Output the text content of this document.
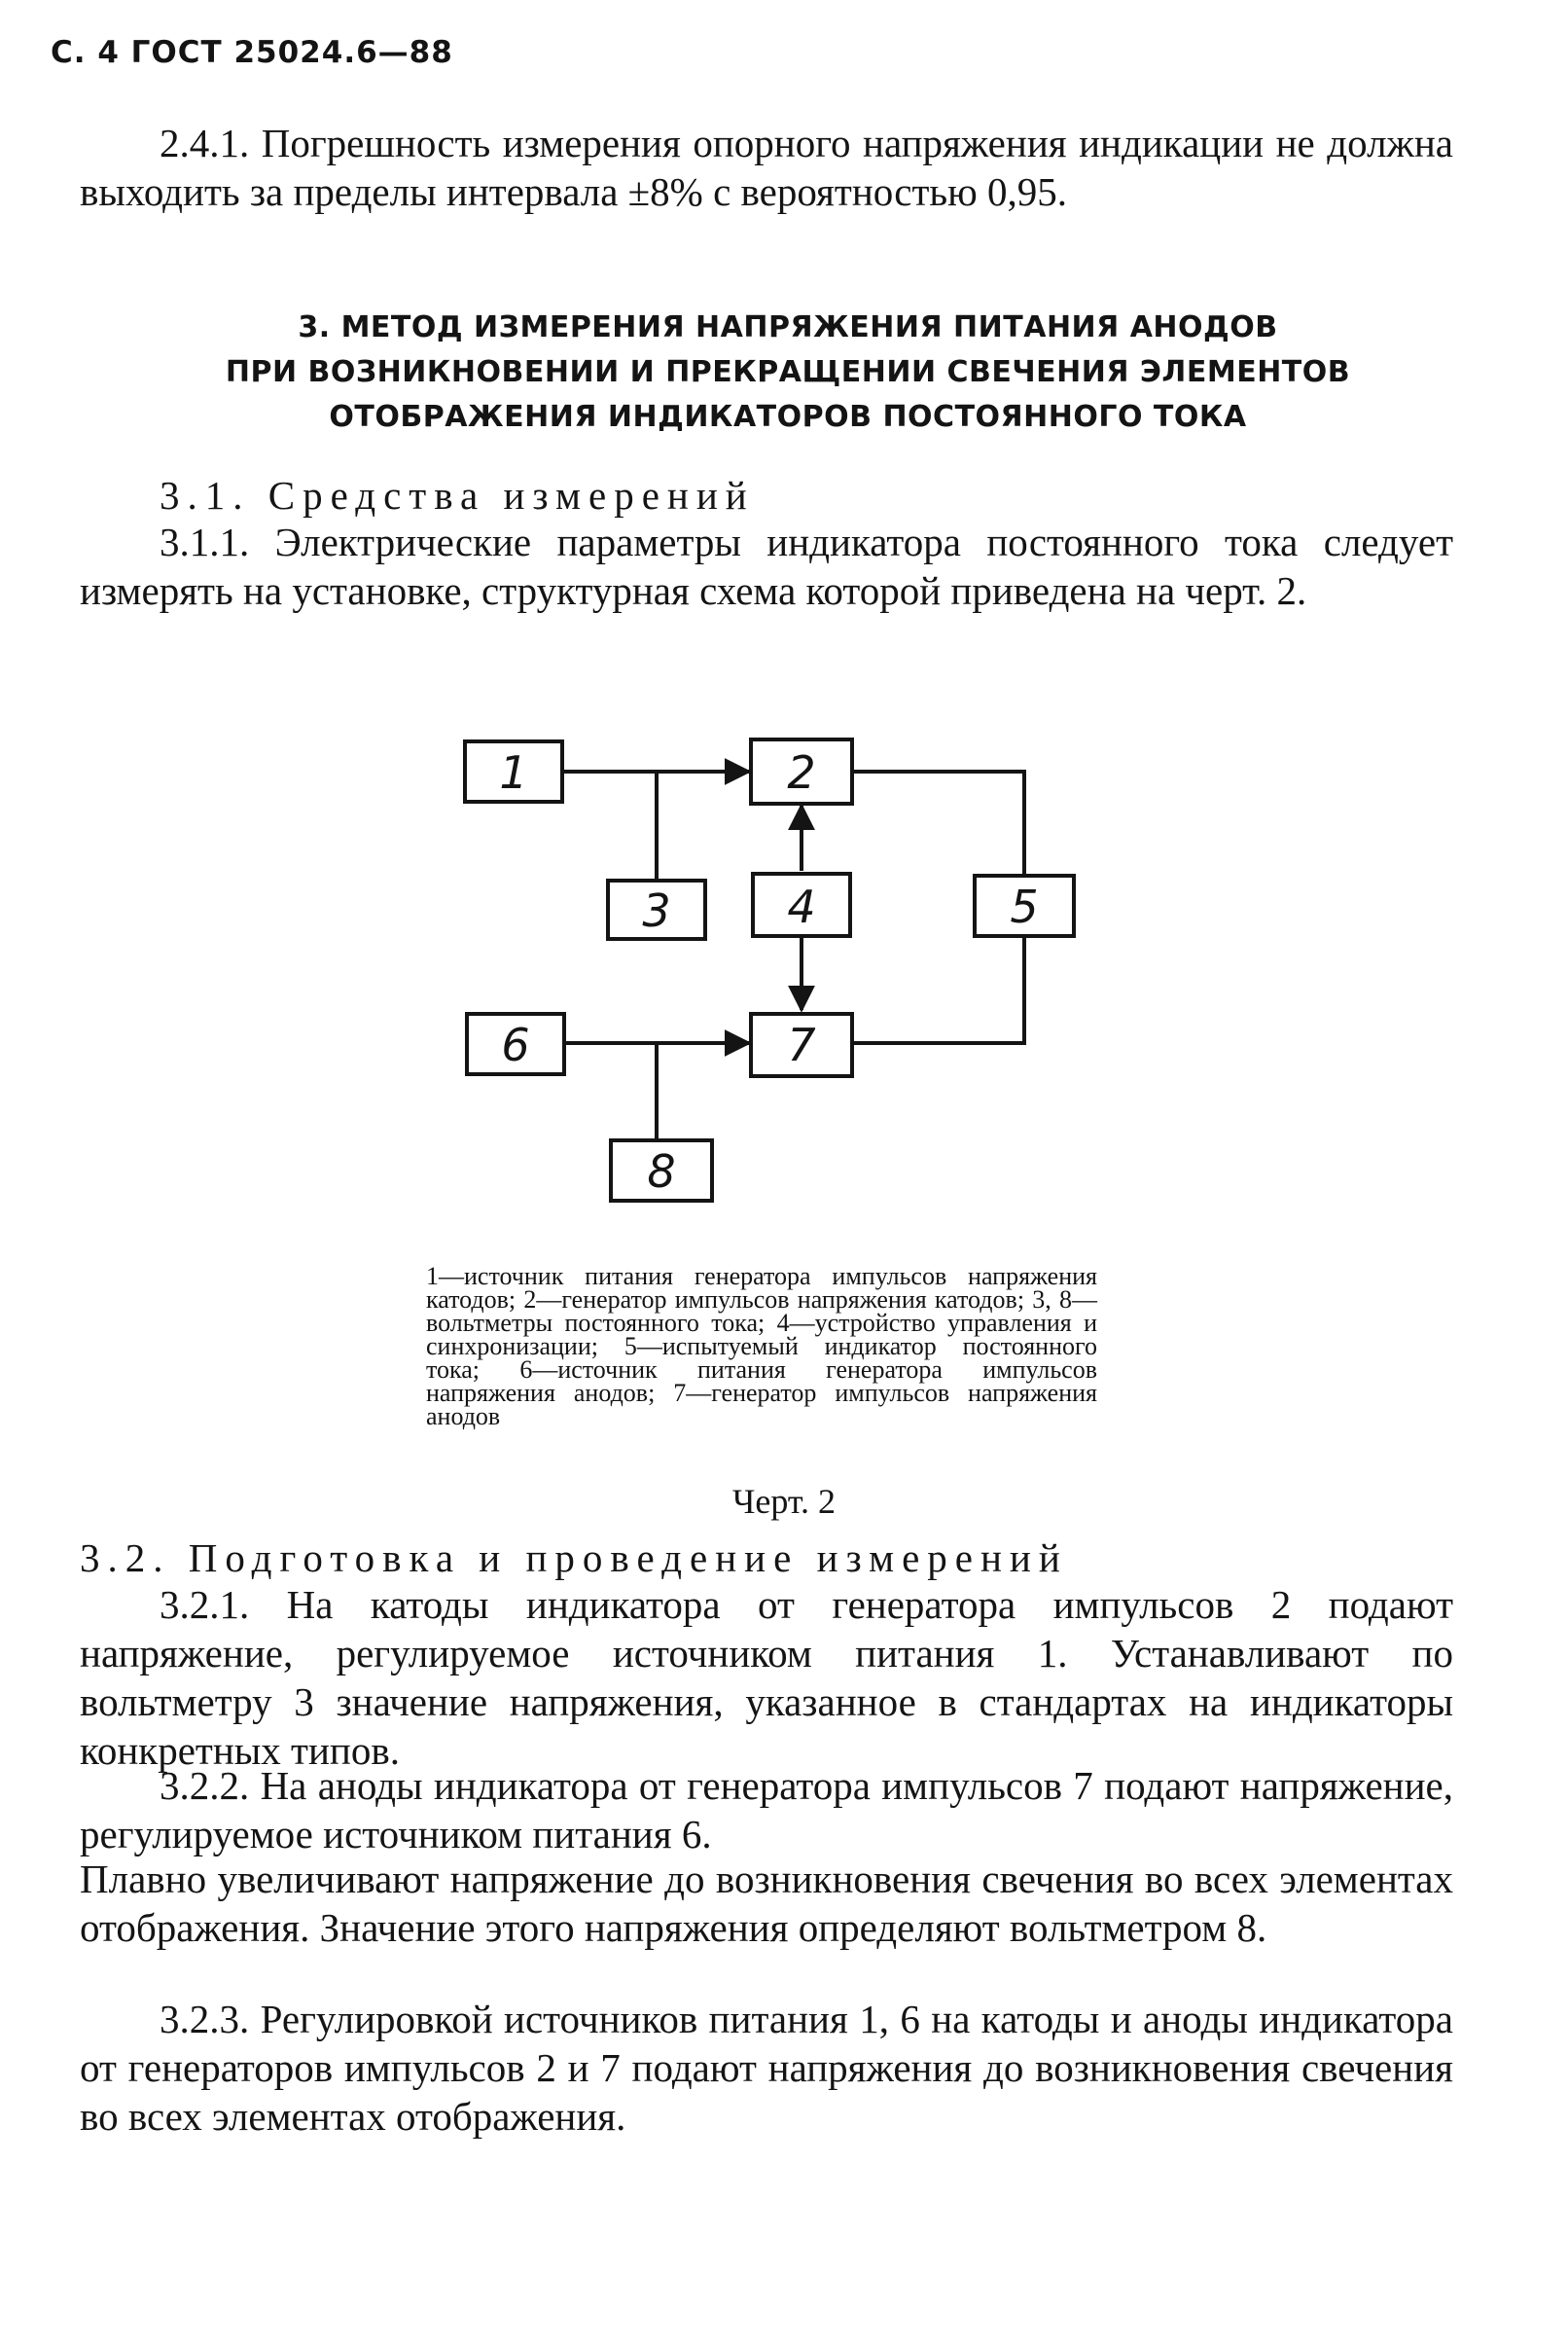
С. 4 ГОСТ 25024.6—88
2.4.1. Погрешность измерения опорного напряжения индикации не должна выходить за пределы интервала ±8% с вероятностью 0,95.
3. МЕТОД ИЗМЕРЕНИЯ НАПРЯЖЕНИЯ ПИТАНИЯ АНОДОВ
ПРИ ВОЗНИКНОВЕНИИ И ПРЕКРАЩЕНИИ СВЕЧЕНИЯ ЭЛЕМЕНТОВ
ОТОБРАЖЕНИЯ ИНДИКАТОРОВ ПОСТОЯННОГО ТОКА
3.1. Средства измерений
3.1.1. Электрические параметры индикатора постоянного тока следует измерять на установке, структурная схема которой приведена на черт. 2.
1	2
3	4	5
6	7
8
1—источник питания генератора импульсов напряжения катодов; 2—генератор импульсов напряжения катодов; 3, 8—вольтметры постоянного тока; 4—устройство управления и синхронизации; 5—испытуемый индикатор постоянного тока; 6—источник питания генератора импульсов напряжения анодов; 7—генератор импульсов напряжения анодов
Черт. 2
3.2. Подготовка и проведение измерений
3.2.1. На катоды индикатора от генератора импульсов 2 подают напряжение, регулируемое источником питания 1. Устанавливают по вольтметру 3 значение напряжения, указанное в стандартах на индикаторы конкретных типов.
3.2.2. На аноды индикатора от генератора импульсов 7 подают напряжение, регулируемое источником питания 6.
Плавно увеличивают напряжение до возникновения свечения во всех элементах отображения. Значение этого напряжения определяют вольтметром 8.
3.2.3. Регулировкой источников питания 1, 6 на катоды и аноды индикатора от генераторов импульсов 2 и 7 подают напряжения до возникновения свечения во всех элементах отображения.
